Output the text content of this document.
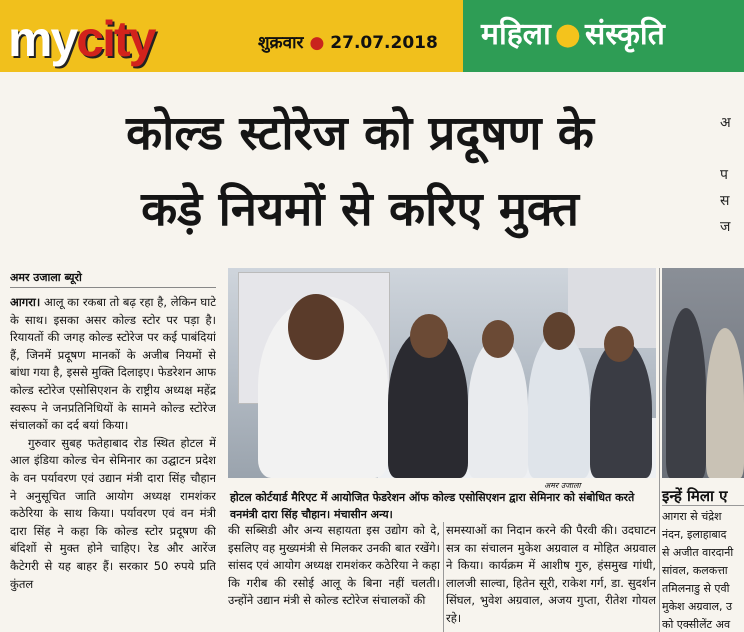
my city	शुक्रवार ● 27.07.2018 महिला ● संस्कृति
कोल्ड स्टोरेज को प्रदूषण के
कड़े नियमों से करिए मुक्त
अ

प
स
ज
अमर उजाला ब्यूरो

आगरा। आलू का रकबा तो बढ़ रहा है, लेकिन घाटे के साथ। इसका असर कोल्ड स्टोर पर पड़ा है। रियायतों की जगह कोल्ड स्टोरेज पर कई पाबंदियां हैं, जिनमें प्रदूषण मानकों के अजीब नियमों से बांधा गया है, इससे मुक्ति दिलाइए। फेडरेशन आफ कोल्ड स्टोरेज एसोसिएशन के राष्ट्रीय अध्यक्ष महेंद्र स्वरूप ने जनप्रतिनिधियों के सामने कोल्ड स्टोरेज संचालकों का दर्द बयां किया।

गुरुवार सुबह फतेहाबाद रोड स्थित होटल में आल इंडिया कोल्ड चेन सेमिनार का उद्घाटन प्रदेश के वन पर्यावरण एवं उद्यान मंत्री दारा सिंह चौहान ने अनुसूचित जाति आयोग अध्यक्ष रामशंकर कठेरिया के साथ किया। पर्यावरण एवं वन मंत्री दारा सिंह ने कहा कि कोल्ड स्टोर प्रदूषण की बंदिशों से मुक्त होने चाहिए। रेड और आरेंज कैटेगरी से यह बाहर हैं। सरकार 50 रुपये प्रति कुंतल

अमर उजाला
होटल कोर्टयार्ड मैरिएट में आयोजित फेडरेशन ऑफ कोल्ड एसोसिएशन द्वारा सेमिनार को संबोधित करते वनमंत्री दारा सिंह चौहान। मंचासीन अन्य।
की सब्सिडी और अन्य सहायता इस उद्योग को दे, इसलिए वह मुख्यमंत्री से मिलकर उनकी बात रखेंगे। सांसद एवं आयोग अध्यक्ष रामशंकर कठेरिया ने कहा कि गरीब की रसोई आलू के बिना नहीं चलती। उन्होंने उद्यान मंत्री से कोल्ड स्टोरेज संचालकों की
समस्याओं का निदान करने की पैरवी की। उदघाटन सत्र का संचालन मुकेश अग्रवाल व मोहित अग्रवाल ने किया। कार्यक्रम में आशीष गुरु, हंसमुख गांधी, लालजी साल्वा, हितेन सूरी, राकेश गर्ग, डा. सुदर्शन सिंघल, भुवेश अग्रवाल, अजय गुप्ता, रीतेश गोयल रहे।
इन्हें मिला ए
आगरा से चंद्रेश
नंदन, इलाहाबाद
से अजीत वारदानी
सांवल, कलकत्ता
तमिलनाडु से एवी
मुकेश अग्रवाल, उ
को एक्सीलेंट अव
